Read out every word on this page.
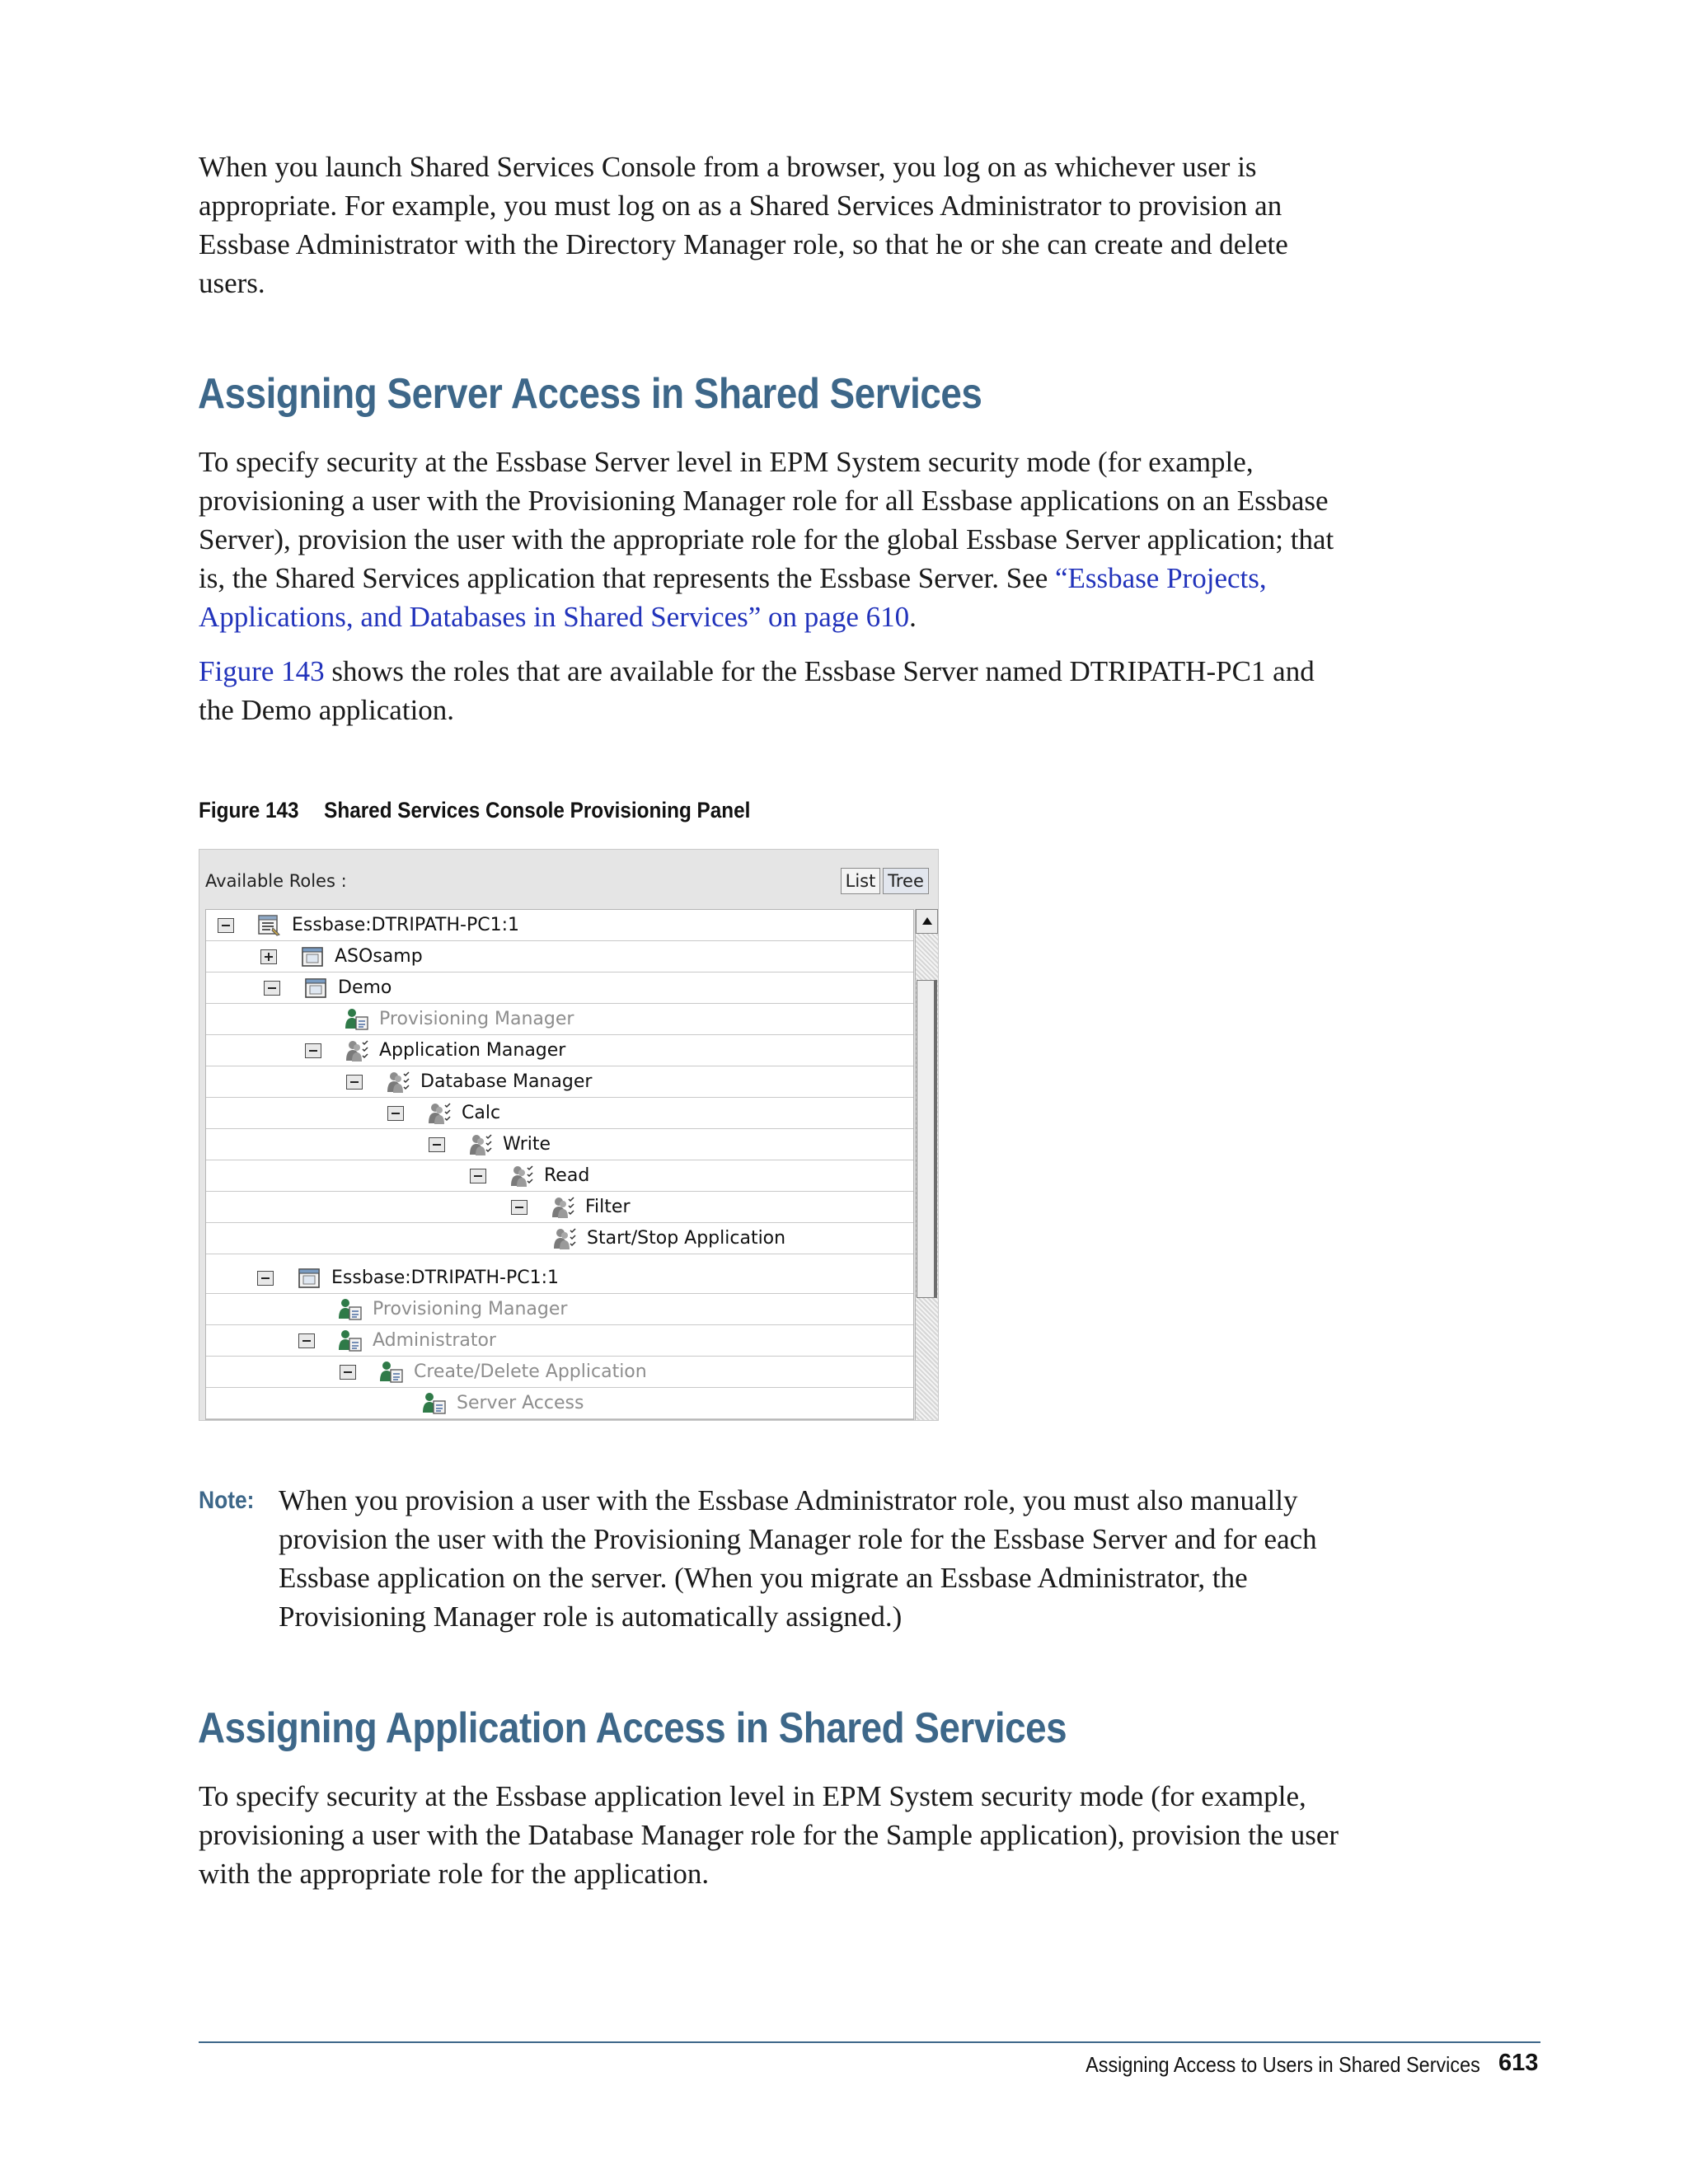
When you launch Shared Services Console from a browser, you log on as whichever user is appropriate. For example, you must log on as a Shared Services Administrator to provision an Essbase Administrator with the Directory Manager role, so that he or she can create and delete users.

Assigning Server Access in Shared Services

To specify security at the Essbase Server level in EPM System security mode (for example, provisioning a user with the Provisioning Manager role for all Essbase applications on an Essbase Server), provision the user with the appropriate role for the global Essbase Server application; that is, the Shared Services application that represents the Essbase Server. See “Essbase Projects, Applications, and Databases in Shared Services” on page 610.

Figure 143 shows the roles that are available for the Essbase Server named DTRIPATH-PC1 and the Demo application.

Figure 143 Shared Services Console Provisioning Panel
Available Roles :	List Tree
Essbase:DTRIPATH-PC1:1
ASOsamp
Demo
Provisioning Manager
Application Manager
Database Manager
Calc
Write
Read
Filter
Start/Stop Application
Essbase:DTRIPATH-PC1:1
Provisioning Manager
Administrator
Create/Delete Application
Server Access
Note: When you provision a user with the Essbase Administrator role, you must also manually provision the user with the Provisioning Manager role for the Essbase Server and for each Essbase application on the server. (When you migrate an Essbase Administrator, the Provisioning Manager role is automatically assigned.)

Assigning Application Access in Shared Services

To specify security at the Essbase application level in EPM System security mode (for example, provisioning a user with the Database Manager role for the Sample application), provision the user with the appropriate role for the application.

Assigning Access to Users in Shared Services 613
